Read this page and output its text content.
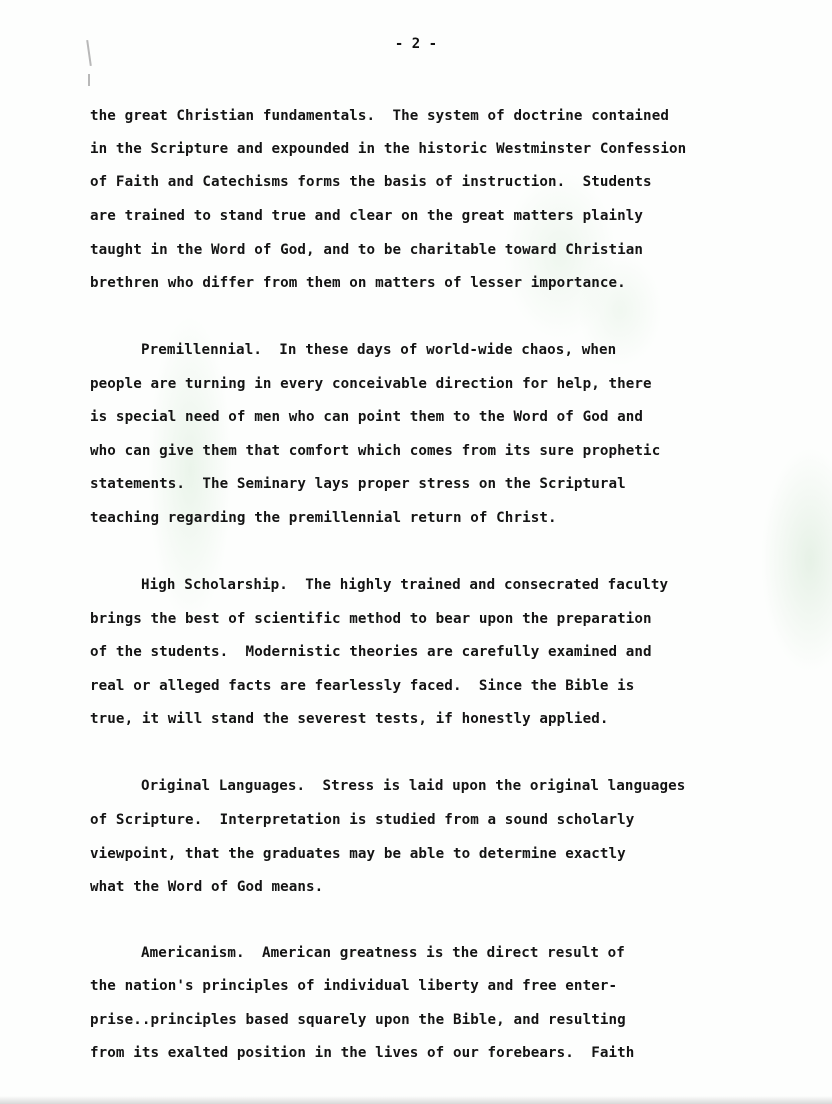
- 2 -
the great Christian fundamentals.  The system of doctrine contained
in the Scripture and expounded in the historic Westminster Confession
of Faith and Catechisms forms the basis of instruction.  Students
are trained to stand true and clear on the great matters plainly
taught in the Word of God, and to be charitable toward Christian
brethren who differ from them on matters of lesser importance.
Premillennial.  In these days of world-wide chaos, when
people are turning in every conceivable direction for help, there
is special need of men who can point them to the Word of God and
who can give them that comfort which comes from its sure prophetic
statements.  The Seminary lays proper stress on the Scriptural
teaching regarding the premillennial return of Christ.
High Scholarship.  The highly trained and consecrated faculty
brings the best of scientific method to bear upon the preparation
of the students.  Modernistic theories are carefully examined and
real or alleged facts are fearlessly faced.  Since the Bible is
true, it will stand the severest tests, if honestly applied.
Original Languages.  Stress is laid upon the original languages
of Scripture.  Interpretation is studied from a sound scholarly
viewpoint, that the graduates may be able to determine exactly
what the Word of God means.
Americanism.  American greatness is the direct result of
the nation's principles of individual liberty and free enter-
prise..principles based squarely upon the Bible, and resulting
from its exalted position in the lives of our forebears.  Faith
